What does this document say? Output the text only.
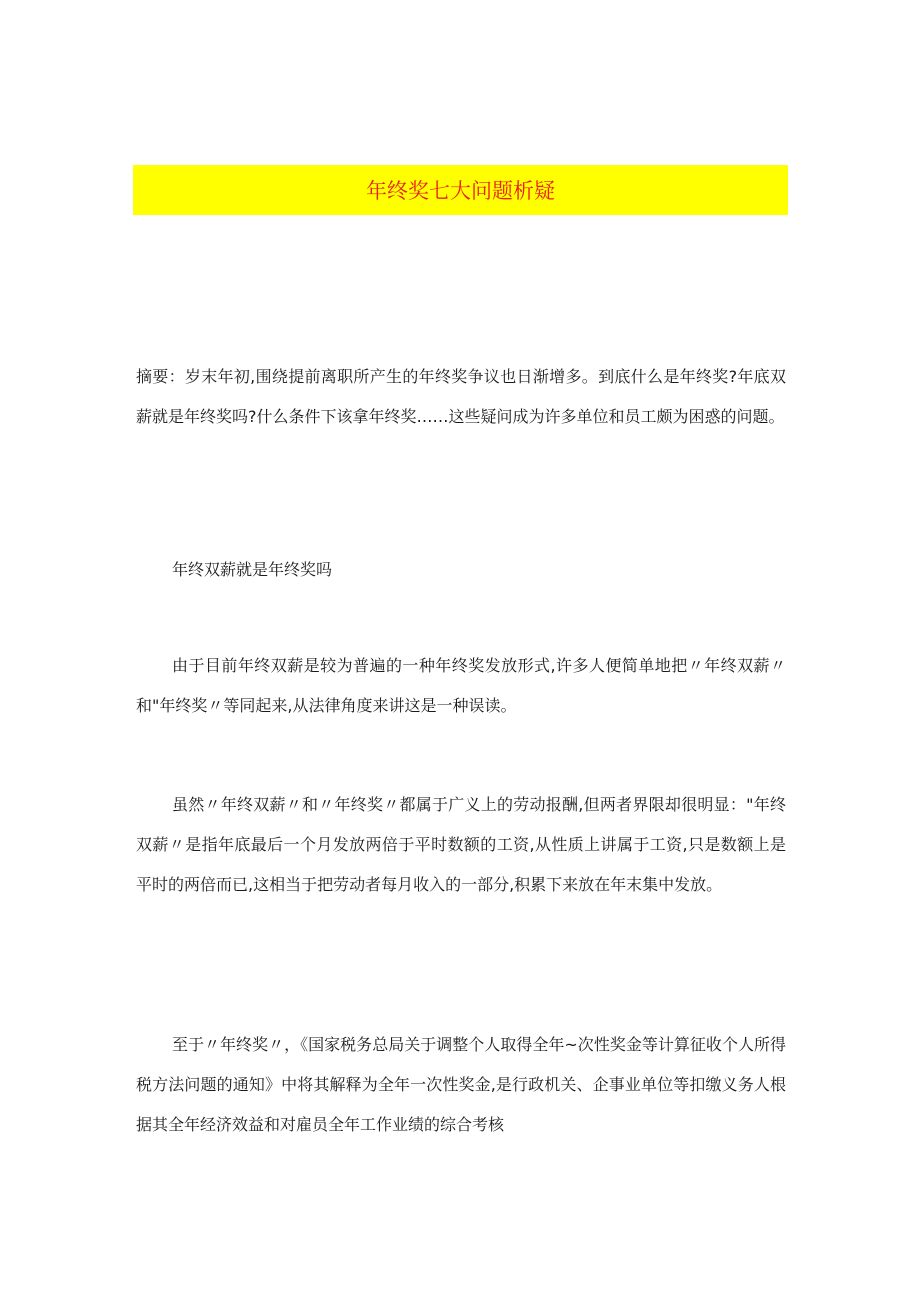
年终奖七大问题析疑

摘要：岁末年初,围绕提前离职所产生的年终奖争议也日渐增多。到底什么是年终奖?年底双薪就是年终奖吗?什么条件下该拿年终奖……这些疑问成为许多单位和员工颇为困惑的问题。

年终双薪就是年终奖吗

由于目前年终双薪是较为普遍的一种年终奖发放形式,许多人便简单地把〃年终双薪〃和"年终奖〃等同起来,从法律角度来讲这是一种误读。

虽然〃年终双薪〃和〃年终奖〃都属于广义上的劳动报酬,但两者界限却很明显："年终双薪〃是指年底最后一个月发放两倍于平时数额的工资,从性质上讲属于工资,只是数额上是平时的两倍而已,这相当于把劳动者每月收入的一部分,积累下来放在年末集中发放。

至于〃年终奖〃，《国家税务总局关于调整个人取得全年~次性奖金等计算征收个人所得税方法问题的通知》中将其解释为全年一次性奖金,是行政机关、企事业单位等扣缴义务人根据其全年经济效益和对雇员全年工作业绩的综合考核
